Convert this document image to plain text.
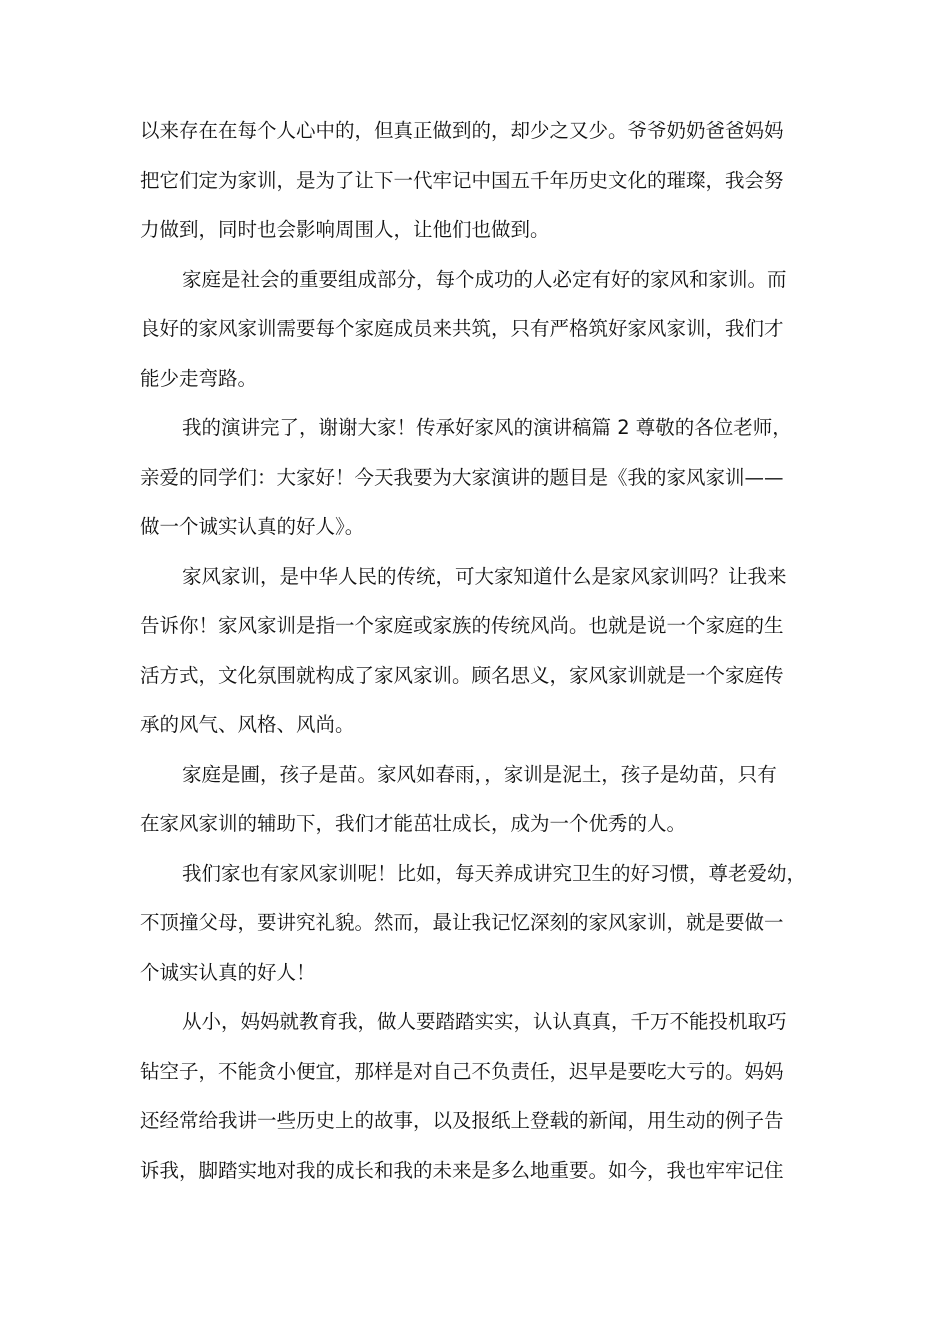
以来存在在每个人心中的，但真正做到的，却少之又少。爷爷奶奶爸爸妈妈
把它们定为家训，是为了让下一代牢记中国五千年历史文化的璀璨，我会努
力做到，同时也会影响周围人，让他们也做到。
家庭是社会的重要组成部分，每个成功的人必定有好的家风和家训。而
良好的家风家训需要每个家庭成员来共筑，只有严格筑好家风家训，我们才
能少走弯路。
我的演讲完了，谢谢大家！传承好家风的演讲稿篇 2 尊敬的各位老师，
亲爱的同学们：大家好！今天我要为大家演讲的题目是《我的家风家训——
做一个诚实认真的好人》。
家风家训，是中华人民的传统，可大家知道什么是家风家训吗？让我来
告诉你！家风家训是指一个家庭或家族的传统风尚。也就是说一个家庭的生
活方式，文化氛围就构成了家风家训。顾名思义，家风家训就是一个家庭传
承的风气、风格、风尚。
家庭是圃，孩子是苗。家风如春雨，，家训是泥土，孩子是幼苗，只有
在家风家训的辅助下，我们才能茁壮成长，成为一个优秀的人。
我们家也有家风家训呢！比如，每天养成讲究卫生的好习惯，尊老爱幼，
不顶撞父母，要讲究礼貌。然而，最让我记忆深刻的家风家训，就是要做一
个诚实认真的好人！
从小，妈妈就教育我，做人要踏踏实实，认认真真，千万不能投机取巧
钻空子，不能贪小便宜，那样是对自己不负责任，迟早是要吃大亏的。妈妈
还经常给我讲一些历史上的故事，以及报纸上登载的新闻，用生动的例子告
诉我，脚踏实地对我的成长和我的未来是多么地重要。如今，我也牢牢记住
